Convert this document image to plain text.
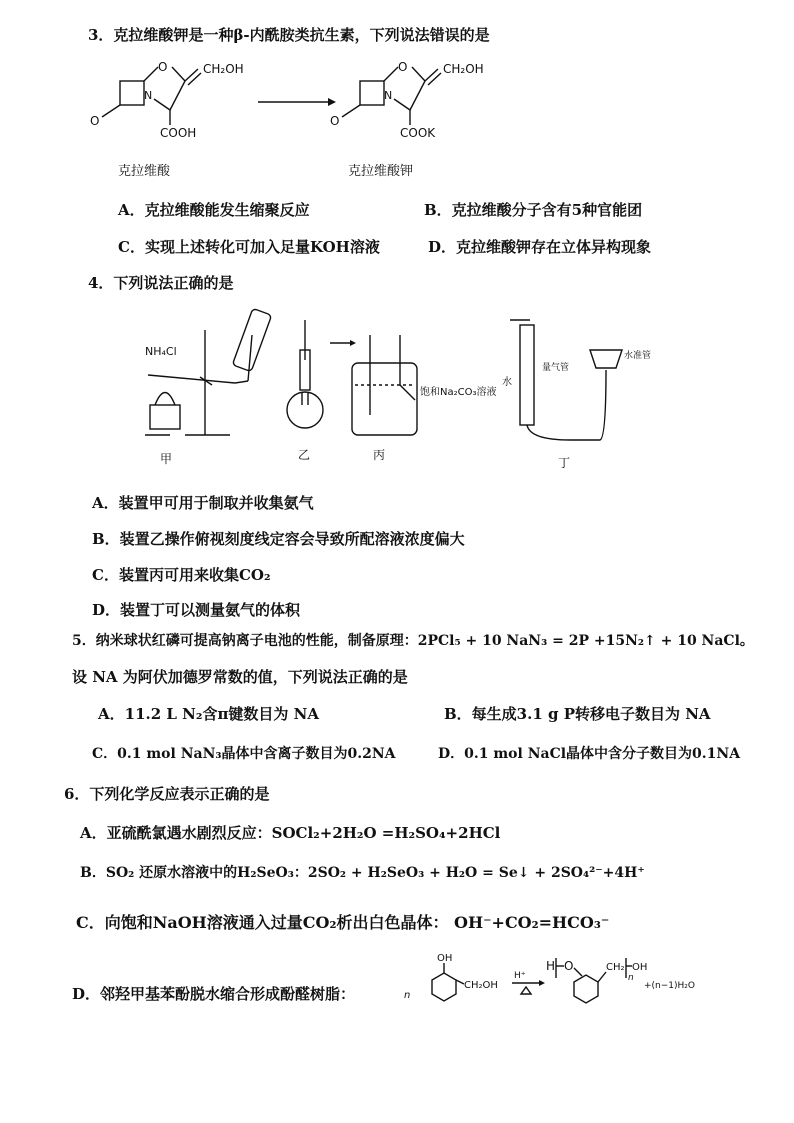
3．克拉维酸钾是一种β-内酰胺类抗生素，下列说法错误的是
CH₂OH
O
N
O
COOH
克拉维酸
CH₂OH
O
N
O
COOK
克拉维酸钾
A．克拉维酸能发生缩聚反应	B．克拉维酸分子含有5种官能团
C．实现上述转化可加入足量KOH溶液	D．克拉维酸钾存在立体异构现象
4．下列说法正确的是
NH₄Cl
甲	乙
饱和Na₂CO₃溶液
丙
水
量气管
水准管
丁
A．装置甲可用于制取并收集氨气
B．装置乙操作俯视刻度线定容会导致所配溶液浓度偏大
C．装置丙可用来收集CO₂
D．装置丁可以测量氨气的体积
5．纳米球状红磷可提高钠离子电池的性能，制备原理：2PCl₅ + 10 NaN₃ = 2P +15N₂↑ + 10 NaCl。
设 NA 为阿伏加德罗常数的值，下列说法正确的是
A．11.2 L N₂含π键数目为 NA	B．每生成3.1 g P转移电子数目为 NA
C．0.1 mol NaN₃晶体中含离子数目为0.2NA	D．0.1 mol NaCl晶体中含分子数目为0.1NA
6．下列化学反应表示正确的是
A．亚硫酰氯遇水剧烈反应：SOCl₂+2H₂O =H₂SO₄+2HCl
B．SO₂ 还原水溶液中的H₂SeO₃：2SO₂ + H₂SeO₃ + H₂O = Se↓ + 2SO₄²⁻+4H⁺
C．向饱和NaOH溶液通入过量CO₂析出白色晶体： OH⁻+CO₂=HCO₃⁻
D．邻羟甲基苯酚脱水缩合形成酚醛树脂：	n
OH
CH₂OH
H⁺
H O	CH₂
n
OH
+(n−1)H₂O
